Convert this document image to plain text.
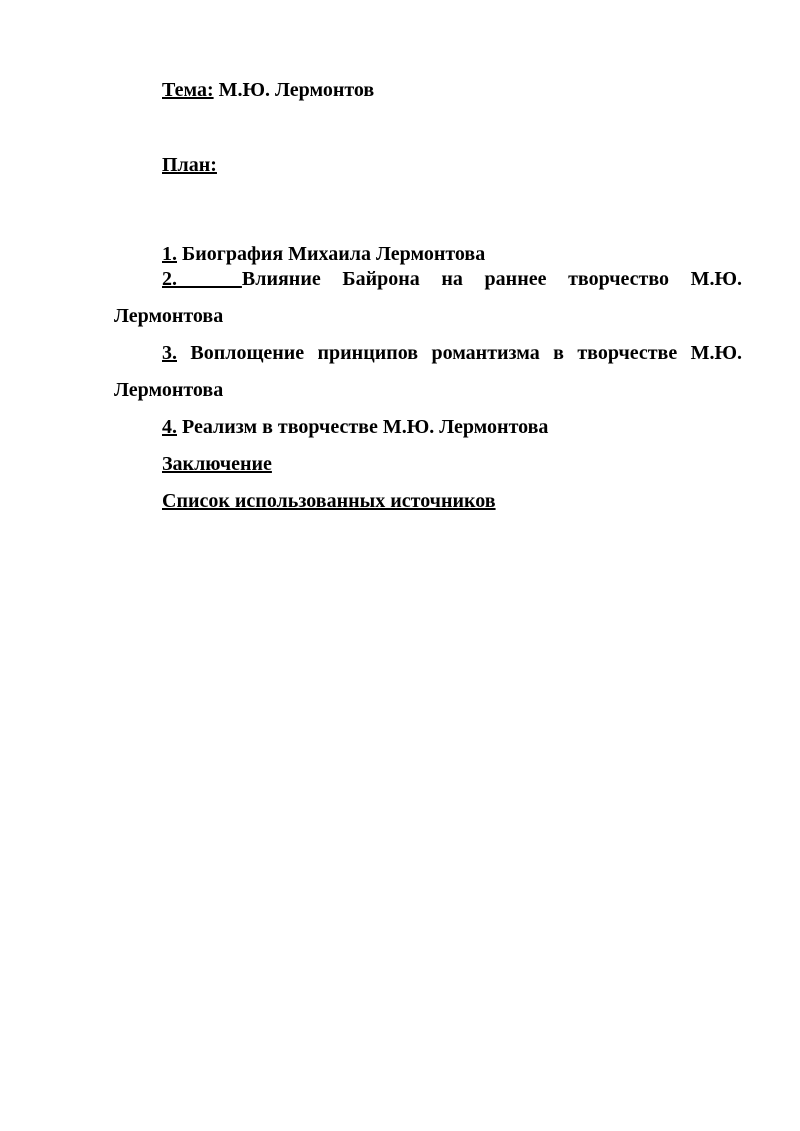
Тема: М.Ю. Лермонтов
План:
1. Биография Михаила Лермонтова
2.	Влияние Байрона на раннее творчество М.Ю.
Лермонтова
3. Воплощение принципов романтизма в творчестве М.Ю.
Лермонтова
4. Реализм в творчестве М.Ю. Лермонтова
Заключение
Список использованных источников
